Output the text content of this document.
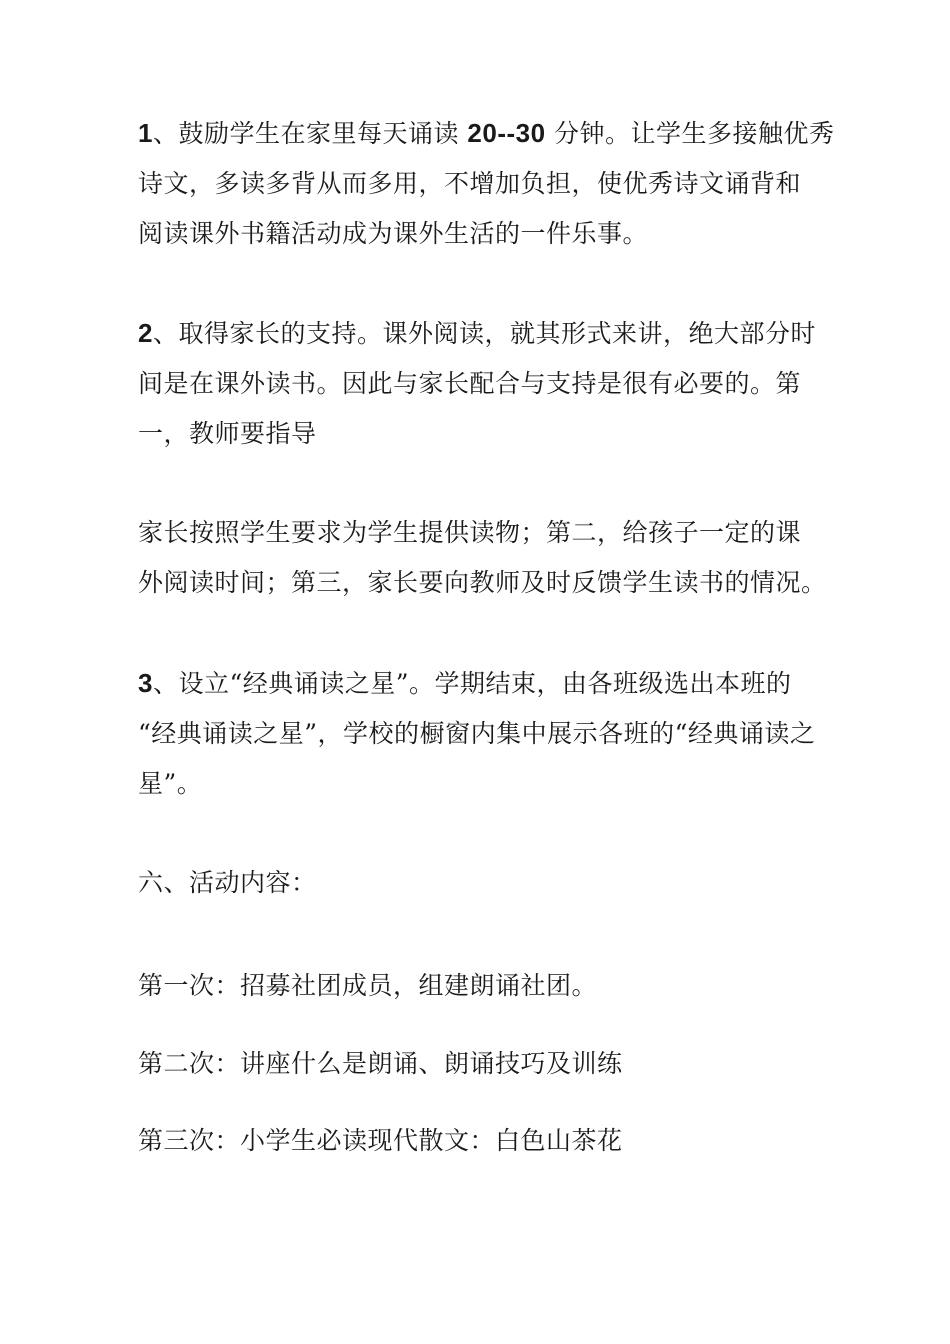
1、鼓励学生在家里每天诵读 20--30 分钟。让学生多接触优秀
诗文，多读多背从而多用，不增加负担，使优秀诗文诵背和
阅读课外书籍活动成为课外生活的一件乐事。
2、取得家长的支持。课外阅读，就其形式来讲，绝大部分时
间是在课外读书。因此与家长配合与支持是很有必要的。第
一，教师要指导
家长按照学生要求为学生提供读物；第二，给孩子一定的课
外阅读时间；第三，家长要向教师及时反馈学生读书的情况。
3、设立“经典诵读之星”。学期结束，由各班级选出本班的
“经典诵读之星”，学校的橱窗内集中展示各班的“经典诵读之
星”。
六、活动内容：
第一次：招募社团成员，组建朗诵社团。
第二次：讲座什么是朗诵、朗诵技巧及训练
第三次：小学生必读现代散文：白色山茶花
